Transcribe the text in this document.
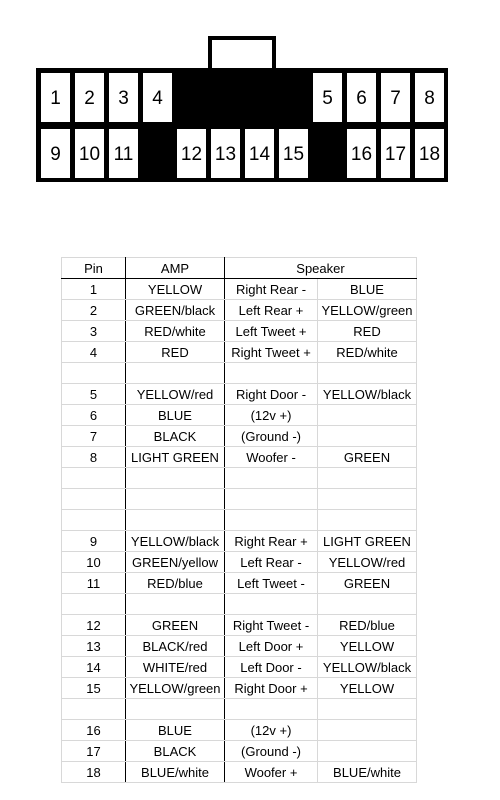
1	2	3	4	5	6	7	8
9 10 11	12 13 14 15 16 17 18
Pin	AMP	Speaker	
1	YELLOW	Right Rear -	BLUE
2	GREEN/black	Left Rear +	YELLOW/green
3	RED/white	Left Tweet +	RED
4	RED	Right Tweet +	RED/white

5	YELLOW/red	Right Door -	YELLOW/black
6	BLUE	(12v +)	
7	BLACK	(Ground -)	
8	LIGHT GREEN	Woofer -	GREEN

9	YELLOW/black	Right Rear +	LIGHT GREEN
10	GREEN/yellow	Left Rear -	YELLOW/red
11	RED/blue	Left Tweet -	GREEN

12	GREEN	Right Tweet -	RED/blue
13	BLACK/red	Left Door +	YELLOW
14	WHITE/red	Left Door -	YELLOW/black
15	YELLOW/green	Right Door +	YELLOW

16	BLUE	(12v +)	
17	BLACK	(Ground -)	
18	BLUE/white	Woofer +	BLUE/white
